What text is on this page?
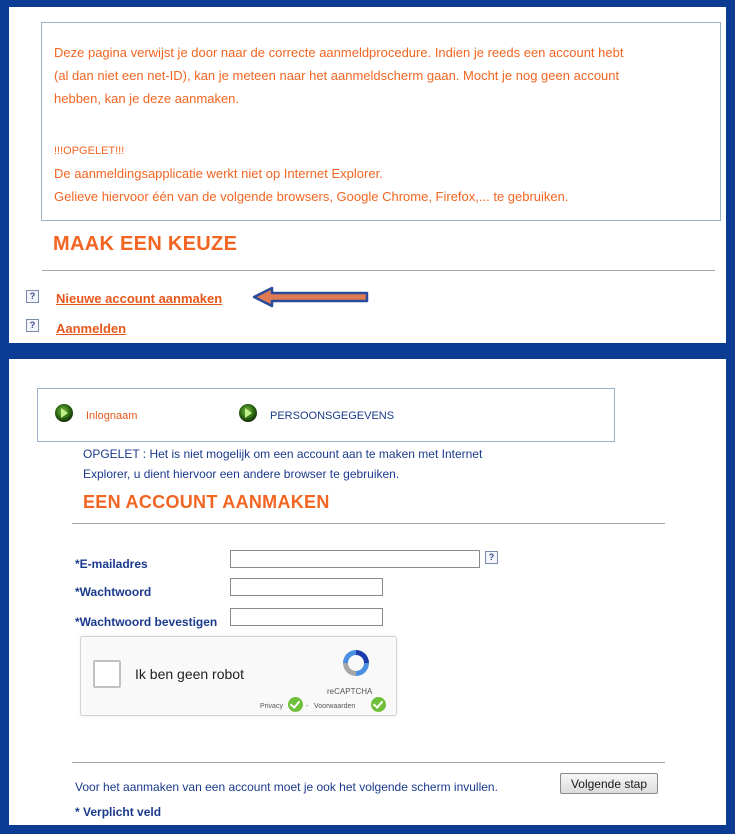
Deze pagina verwijst je door naar de correcte aanmeldprocedure. Indien je reeds een account hebt
(al dan niet een net-ID), kan je meteen naar het aanmeldscherm gaan. Mocht je nog geen account
hebben, kan je deze aanmaken.
!!!OPGELET!!!
De aanmeldingsapplicatie werkt niet op Internet Explorer.
Gelieve hiervoor één van de volgende browsers, Google Chrome, Firefox,... te gebruiken.
MAAK EEN KEUZE
? Nieuwe account aanmaken
? Aanmelden
Inlognaam	PERSOONSGEGEVENS
OPGELET : Het is niet mogelijk om een account aan te maken met Internet
Explorer, u dient hiervoor een andere browser te gebruiken.
EEN ACCOUNT AANMAKEN
*E-mailadres	?
*Wachtwoord
*Wachtwoord bevestigen
Ik ben geen robot
reCAPTCHA
Privacy	- Voorwaarden
Voor het aanmaken van een account moet je ook het volgende scherm invullen.	Volgende stap
* Verplicht veld
